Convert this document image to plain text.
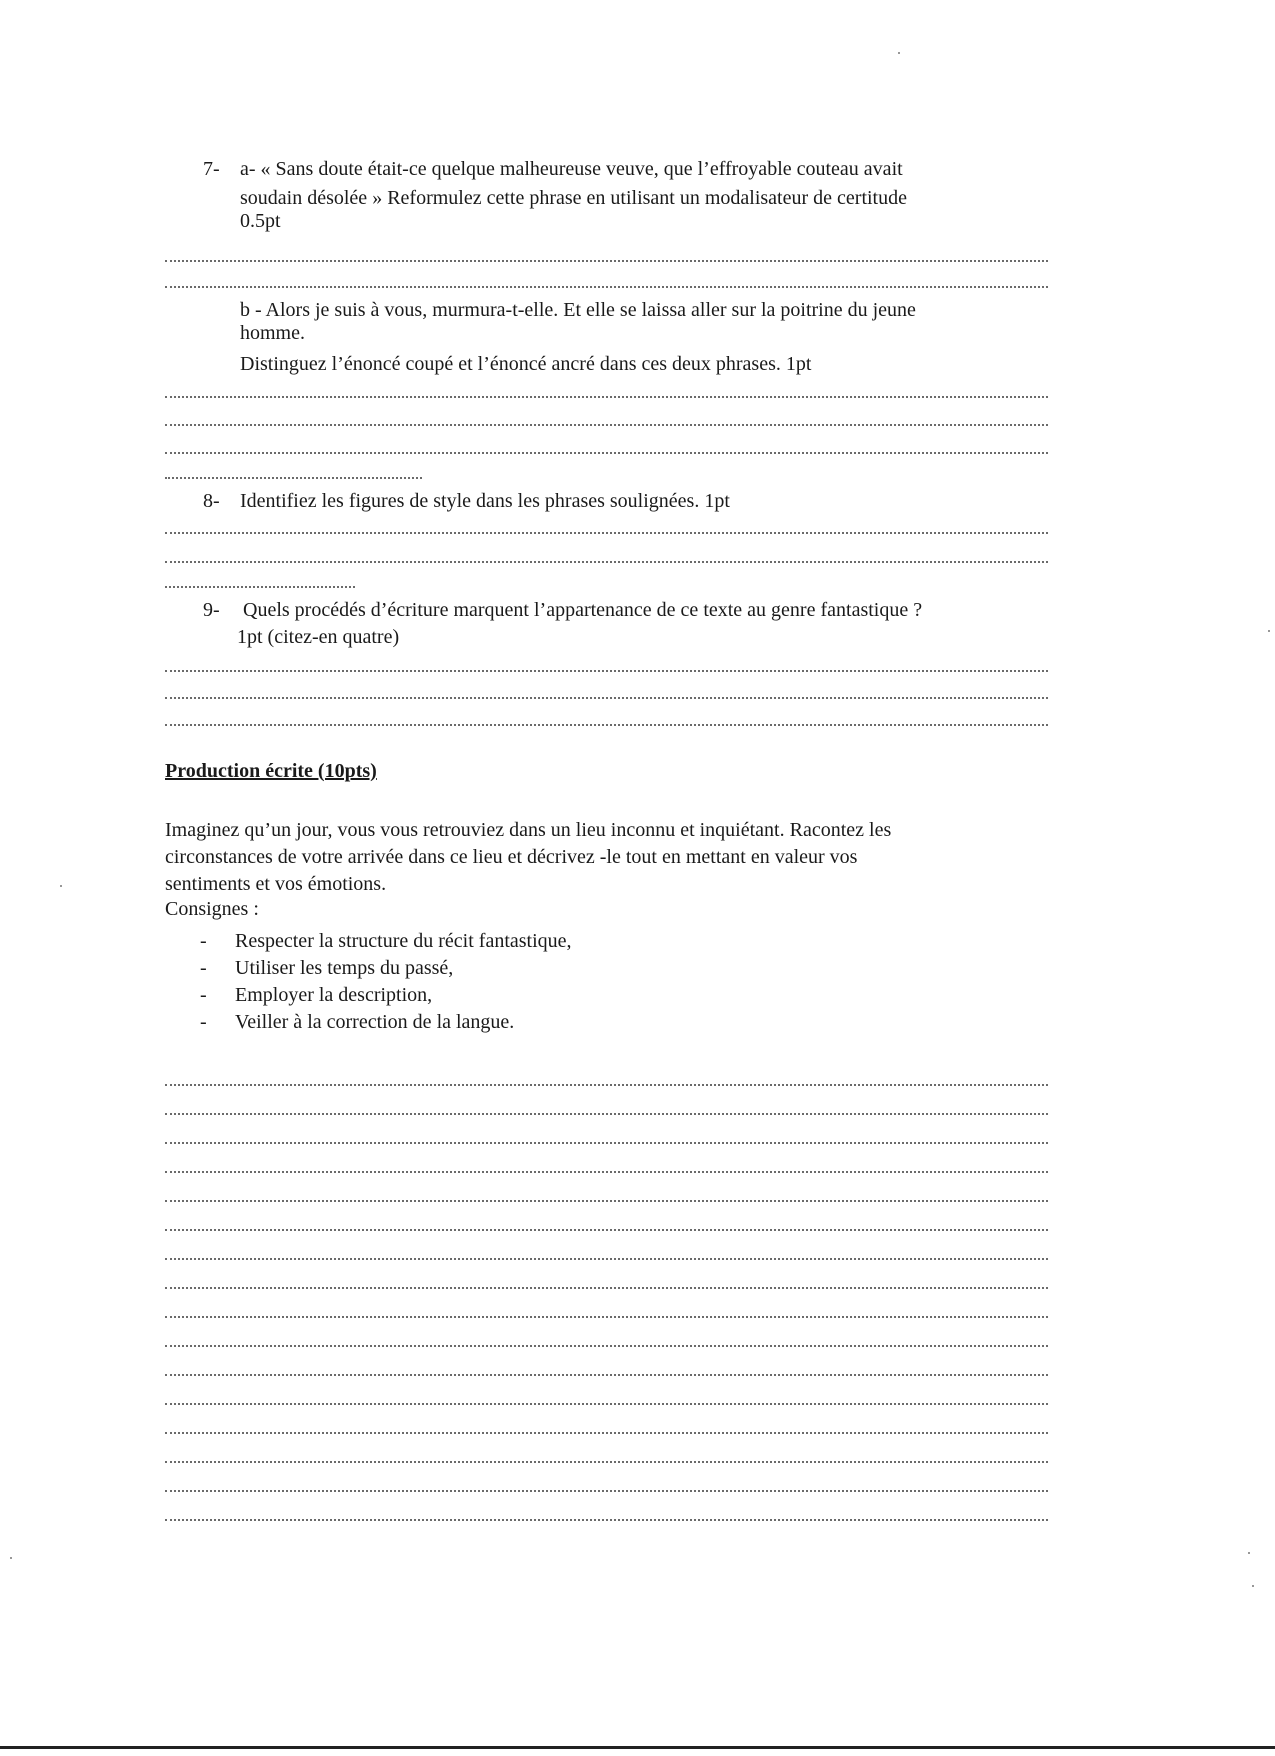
7- a- « Sans doute était-ce quelque malheureuse veuve, que l’effroyable couteau avait
soudain désolée » Reformulez cette phrase en utilisant un modalisateur de certitude
0.5pt
b - Alors je suis à vous, murmura-t-elle. Et elle se laissa aller sur la poitrine du jeune
homme.
Distinguez l’énoncé coupé et l’énoncé ancré dans ces deux phrases. 1pt
8- Identifiez les figures de style dans les phrases soulignées. 1pt
9- Quels procédés d’écriture marquent l’appartenance de ce texte au genre fantastique ?
1pt (citez-en quatre)
Production écrite (10pts)
Imaginez qu’un jour, vous vous retrouviez dans un lieu inconnu et inquiétant. Racontez les
circonstances de votre arrivée dans ce lieu et décrivez -le tout en mettant en valeur vos
sentiments et vos émotions.
Consignes :
- Respecter la structure du récit fantastique,
- Utiliser les temps du passé,
- Employer la description,
- Veiller à la correction de la langue.
